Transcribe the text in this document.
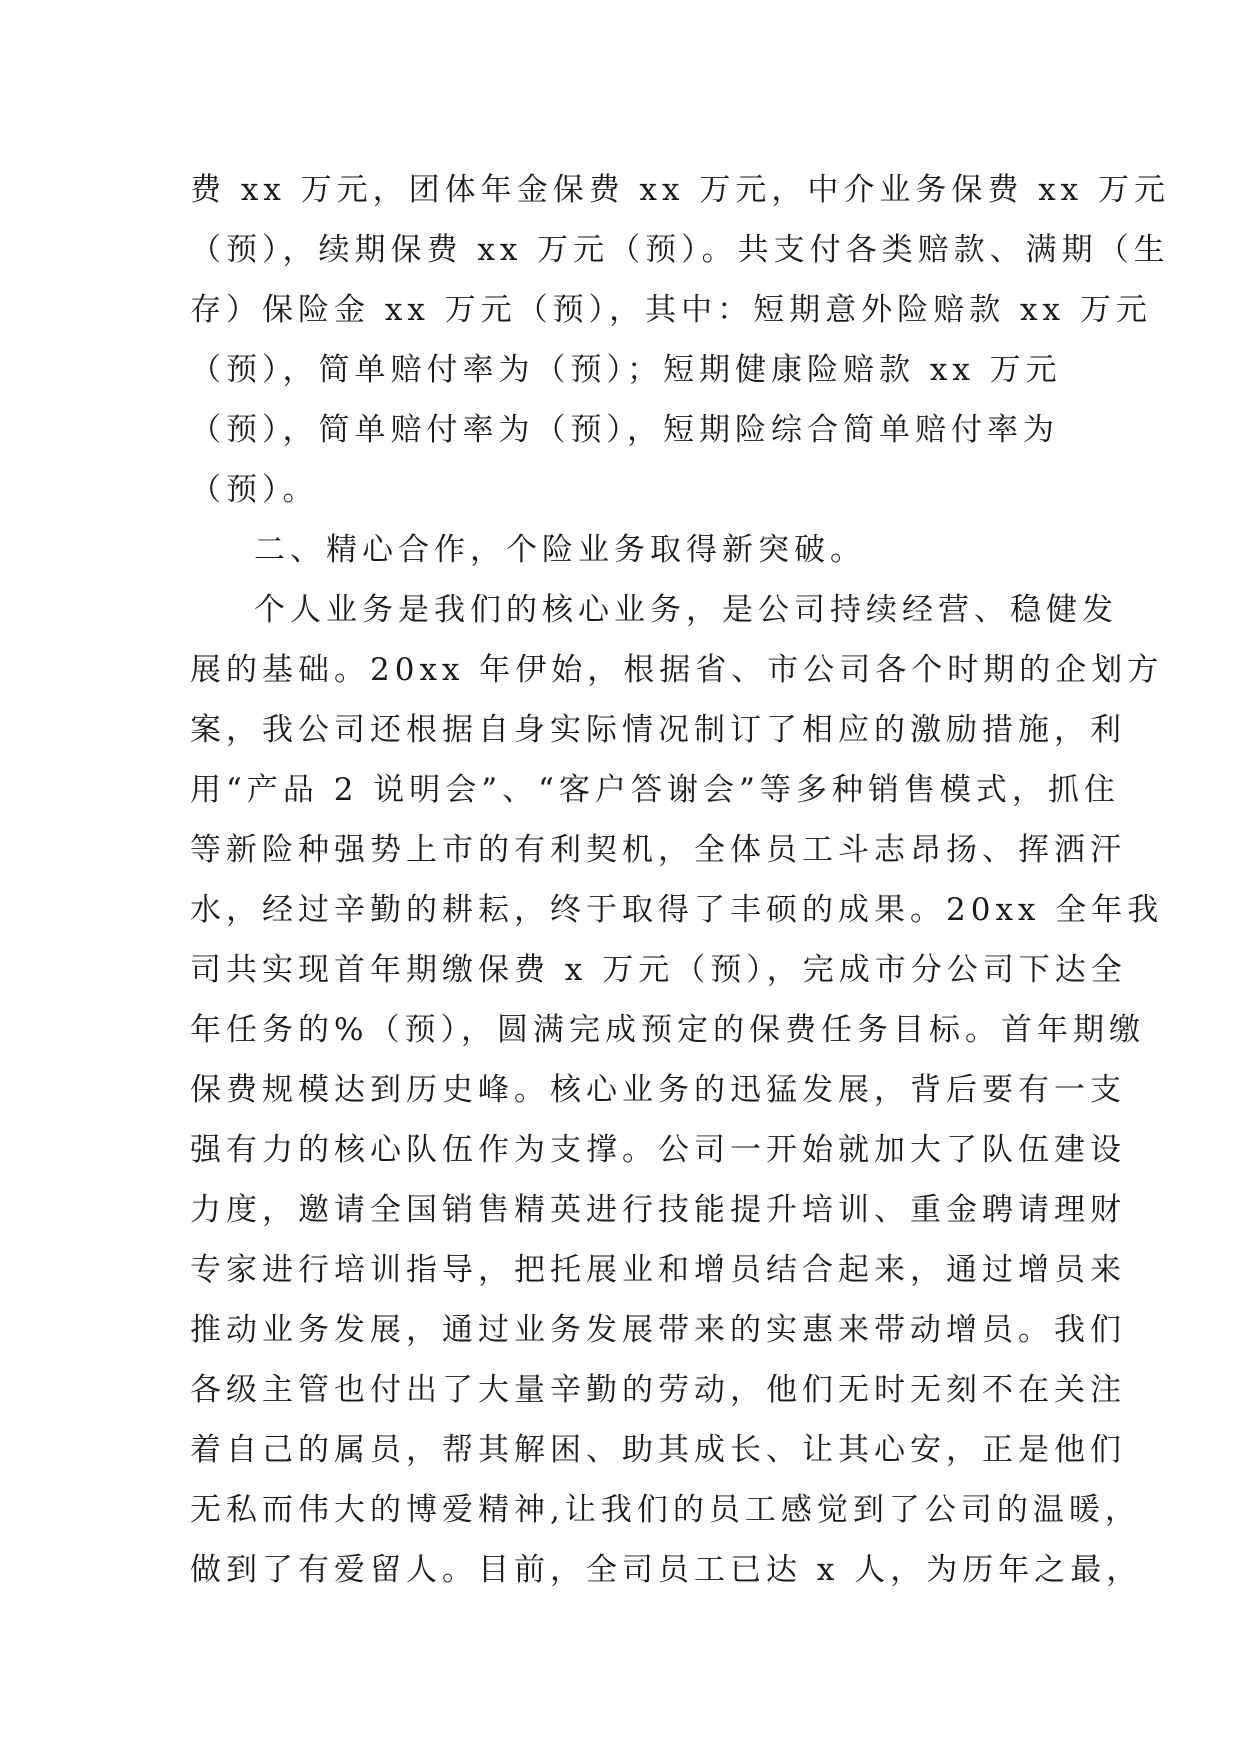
费 xx 万元，团体年金保费 xx 万元，中介业务保费 xx 万元
（预），续期保费 xx 万元（预）。共支付各类赔款、满期（生
存）保险金 xx 万元（预），其中：短期意外险赔款 xx 万元
（预），简单赔付率为（预）；短期健康险赔款 xx 万元
（预），简单赔付率为（预），短期险综合简单赔付率为
（预）。
二、精心合作，个险业务取得新突破。
个人业务是我们的核心业务，是公司持续经营、稳健发
展的基础。20xx 年伊始，根据省、市公司各个时期的企划方
案，我公司还根据自身实际情况制订了相应的激励措施，利
用“产品 2 说明会”、“客户答谢会”等多种销售模式，抓住
等新险种强势上市的有利契机，全体员工斗志昂扬、挥洒汗
水，经过辛勤的耕耘，终于取得了丰硕的成果。20xx 全年我
司共实现首年期缴保费 x 万元（预），完成市分公司下达全
年任务的%（预），圆满完成预定的保费任务目标。首年期缴
保费规模达到历史峰。核心业务的迅猛发展，背后要有一支
强有力的核心队伍作为支撑。公司一开始就加大了队伍建设
力度，邀请全国销售精英进行技能提升培训、重金聘请理财
专家进行培训指导，把托展业和增员结合起来，通过增员来
推动业务发展，通过业务发展带来的实惠来带动增员。我们
各级主管也付出了大量辛勤的劳动，他们无时无刻不在关注
着自己的属员，帮其解困、助其成长、让其心安，正是他们
无私而伟大的博爱精神,让我们的员工感觉到了公司的温暖，
做到了有爱留人。目前，全司员工已达 x 人，为历年之最，
